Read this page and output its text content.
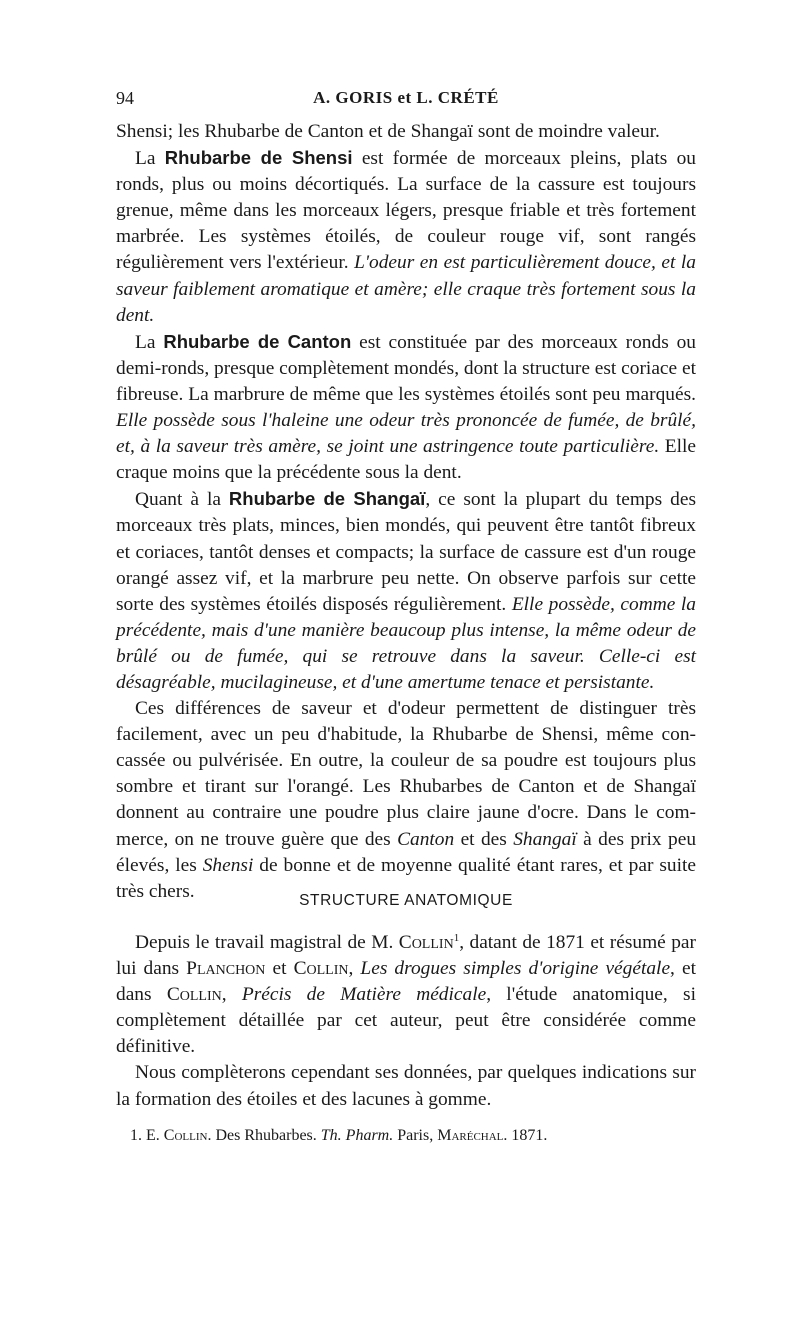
94	A. GORIS et L. CRÉTÉ

Shensi; les Rhubarbe de Canton et de Shangaï sont de moindre valeur.

La Rhubarbe de Shensi est formée de morceaux pleins, plats ou ronds, plus ou moins décortiqués. La surface de la cassure est toujours grenue, même dans les morceaux légers, presque friable et très fortement marbrée. Les systèmes étoilés, de couleur rouge vif, sont rangés régulièrement vers l'extérieur. L'odeur en est particulièrement douce, et la saveur faiblement aromatique et amère; elle craque très fortement sous la dent.

La Rhubarbe de Canton est constituée par des morceaux ronds ou demi-ronds, presque complètement mondés, dont la structure est coriace et fibreuse. La marbrure de même que les systèmes étoilés sont peu marqués. Elle possède sous l'haleine une odeur très prononcée de fumée, de brûlé, et, à la saveur très amère, se joint une astringence toute particulière. Elle craque moins que la précédente sous la dent.

Quant à la Rhubarbe de Shangaï, ce sont la plupart du temps des morceaux très plats, minces, bien mondés, qui peuvent être tantôt fibreux et coriaces, tantôt denses et compacts; la surface de cassure est d'un rouge orangé assez vif, et la marbrure peu nette. On observe parfois sur cette sorte des systèmes étoilés disposés régulièrement. Elle possède, comme la précédente, mais d'une manière beaucoup plus intense, la même odeur de brûlé ou de fumée, qui se retrouve dans la saveur. Celle-ci est désagréable, mucilagineuse, et d'une amertume tenace et persistante.

Ces différences de saveur et d'odeur permettent de distinguer très facilement, avec un peu d'habitude, la Rhubarbe de Shensi, même concassée ou pulvérisée. En outre, la couleur de sa poudre est toujours plus sombre et tirant sur l'orangé. Les Rhubarbes de Canton et de Shangaï donnent au contraire une poudre plus claire jaune d'ocre. Dans le commerce, on ne trouve guère que des Canton et des Shangaï à des prix peu élevés, les Shensi de bonne et de moyenne qualité étant rares, et par suite très chers.	STRUCTURE ANATOMIQUE

Depuis le travail magistral de M. Collin$^1$, datant de 1871 et résumé par lui dans Planchon et Collin, Les drogues simples d'origine végétale, et dans Collin, Précis de Matière médicale, l'étude anatomique, si complètement détaillée par cet auteur, peut être considérée comme définitive.

Nous complèterons cependant ses données, par quelques indications sur la formation des étoiles et des lacunes à gomme.

1. E. Collin. Des Rhubarbes. Th. Pharm. Paris, Maréchal. 1871.
